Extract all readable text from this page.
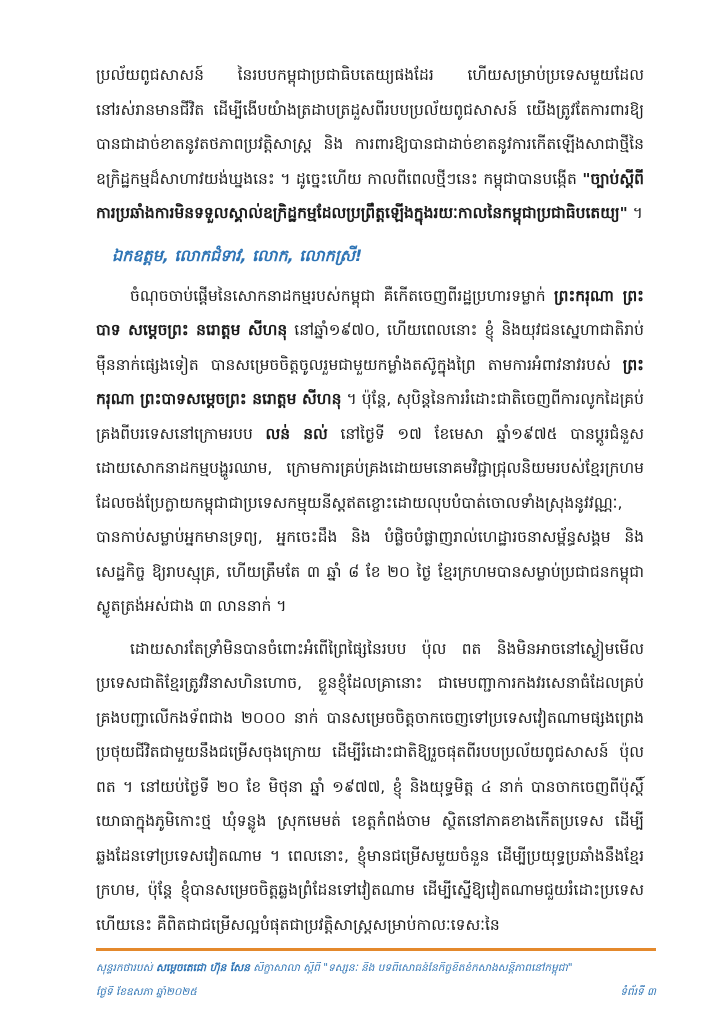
ប្រល័យពូជសាសន៍ នៃរបបកម្ពុជាប្រជាធិបតេយ្យផងដែរ ហើយសម្រាប់ប្រទេសមួយដែលនៅរស់រានមានជីវិត ដើម្បីងើបយំាងត្រដាបត្រដួសពីរបបប្រល័យពូជសាសន៍ យើងត្រូវតែការពារឱ្យបានជាដាច់ខាតនូវតថភាពប្រវត្តិសាស្ត្រ និង ការពារឱ្យបានជាដាច់ខាតនូវការកើតឡើងសាជាថ្មីនៃឧក្រិដ្ឋកម្មដ៏សាហាវយង់ឃ្នងនេះ ។ ដូច្នេះហើយ កាលពីពេលថ្មីៗនេះ កម្ពុជាបានបង្កើត "ច្បាប់ស្តីពី ការប្រឆាំងការមិនទទួលស្គាល់ឧក្រិដ្ឋកម្មដែលប្រព្រឹត្តឡើងក្នុងរយៈកាលនៃកម្ពុជាប្រជាធិបតេយ្យ" ។

ឯកឧត្តម, លោកជំទាវ, លោក, លោកស្រី!

ចំណុចចាប់ផ្តើមនៃសោកនាដកម្មរបស់កម្ពុជា គឺកើតចេញពីរដ្ឋប្រហារទម្លាក់ ព្រះករុណា ព្រះបាទ សម្តេចព្រះ នរោត្តម សីហនុ នៅឆ្នាំ១៩៧០, ហើយពេលនោះ ខ្ញុំ និងយុវជនស្នេហាជាតិរាប់ម៉ឺននាក់ផ្សេងទៀត បានសម្រេចចិត្តចូលរួមជាមួយកម្លាំងតស៊ូក្នុងព្រៃ តាមការអំពាវនាវរបស់ ព្រះករុណា ព្រះបាទសម្តេចព្រះ នរោត្តម សីហនុ ។ ប៉ុន្តែ, សុបិន្តនៃការរំដោះជាតិចេញពីការលូកដៃគ្រប់គ្រងពីបរទេសនៅក្រោមរបប លន់ នល់ នៅថ្ងៃទី ១៧ ខែមេសា ឆ្នាំ១៩៧៥ បានប្តូរជំនួសដោយសោកនាដកម្មបង្ហូរឈាម, ក្រោមការគ្រប់គ្រងដោយមនោគមវិជ្ជាជ្រុលនិយមរបស់ខ្មែរក្រហម ដែលចង់ប្រែក្លាយកម្ពុជាជាប្រទេសកម្មុយនីស្តឥតខ្ចោះដោយលុបបំបាត់ចោលទាំងស្រុងនូវវណ្ណៈ, បានកាប់សម្លាប់អ្នកមានទ្រព្យ, អ្នកចេះដឹង និង បំផ្លិចបំផ្លាញរាល់ហេដ្ឋារចនាសម្ព័ន្ធសង្គម និងសេដ្ឋកិច្ច ឱ្យរាបស្មុគ្រ, ហើយត្រឹមតែ ៣ ឆ្នាំ ៨ ខែ ២០ ថ្ងៃ ខ្មែរក្រហមបានសម្លាប់ប្រជាជនកម្ពុជាស្លូតត្រង់អស់ជាង ៣ លាននាក់ ។

ដោយសារតែទ្រាំមិនបានចំពោះអំពើព្រៃផ្សៃនៃរបប ប៉ុល ពត និងមិនអាចនៅស្ងៀមមើលប្រទេសជាតិខ្មែរត្រូវវិនាសហិនហោច, ខ្លួនខ្ញុំដែលគ្រានោះ ជាមេបញ្ជាការកងវរសេនាធំដែលគ្រប់គ្រងបញ្ជាលើកងទ័ពជាង ២០០០ នាក់ បានសម្រេចចិត្តចាកចេញទៅប្រទេសវៀតណាមផ្សងព្រេងប្រថុយជីវិតជាមួយនឹងជម្រើសចុងក្រោយ ដើម្បីរំដោះជាតិឱ្យរួចផុតពីរបបប្រល័យពូជសាសន៍ ប៉ុល ពត ។ នៅយប់ថ្ងៃទី ២០ ខែ មិថុនា ឆ្នាំ ១៩៧៧, ខ្ញុំ និងយុទ្ធមិត្ត ៤ នាក់ បានចាកចេញពីប៉ុស្តិ៍យោធាក្នុងភូមិកោះថ្ម ឃុំទន្លូង ស្រុកមេមត់ ខេត្តកំពង់ចាម ស្ថិតនៅភាគខាងកើតប្រទេស ដើម្បីឆ្លងដែនទៅប្រទេសវៀតណាម ។ ពេលនោះ, ខ្ញុំមានជម្រើសមួយចំនួន ដើម្បីប្រយុទ្ធប្រឆាំងនឹងខ្មែរក្រហម, ប៉ុន្តែ ខ្ញុំបានសម្រេចចិត្តឆ្លងព្រំដែនទៅវៀតណាម ដើម្បីស្នើឱ្យវៀតណាមជួយរំដោះប្រទេស ហើយនេះ គឺពិតជាជម្រើសល្អបំផុតជាប្រវត្តិសាស្ត្រសម្រាប់កាលៈទេសៈនៃ

សុន្ទរកថារបស់ សម្តេចតេជោ ហ៊ុន សែន សិក្ខាសាលា ស្តីពី "ទស្សនៈ និង បទពិសោធន៍នៃកិច្ចខិតខំកសាងសន្តិភាពនៅកម្ពុជា"
ថ្ងៃទី ខែឧសភា ឆ្នាំ២០២៥	ទំព័រទី ៣
